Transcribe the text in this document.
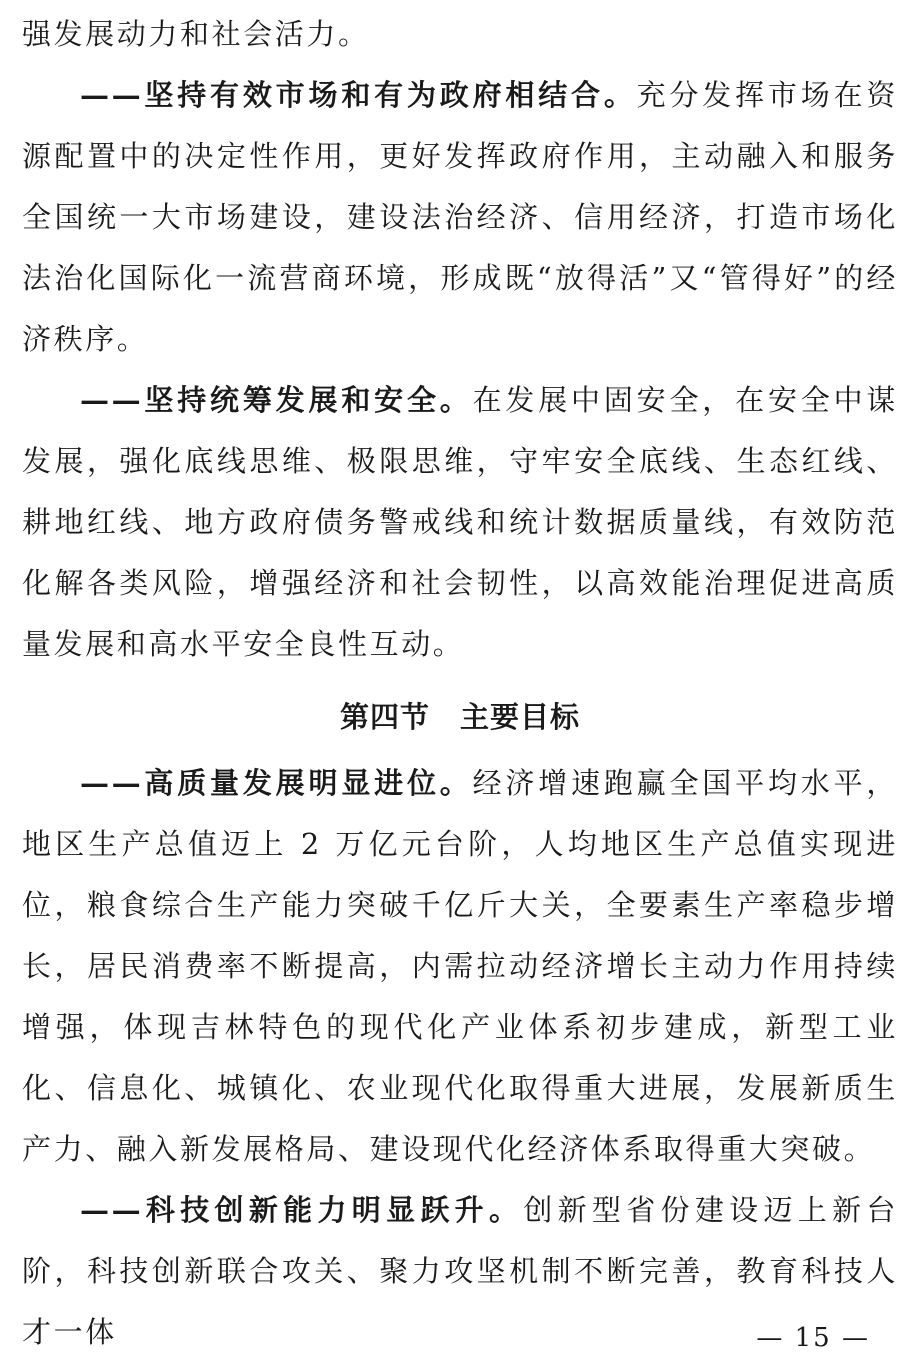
强发展动力和社会活力。

——坚持有效市场和有为政府相结合。充分发挥市场在资源配置中的决定性作用，更好发挥政府作用，主动融入和服务全国统一大市场建设，建设法治经济、信用经济，打造市场化法治化国际化一流营商环境，形成既“放得活”又“管得好”的经济秩序。

——坚持统筹发展和安全。在发展中固安全，在安全中谋发展，强化底线思维、极限思维，守牢安全底线、生态红线、耕地红线、地方政府债务警戒线和统计数据质量线，有效防范化解各类风险，增强经济和社会韧性，以高效能治理促进高质量发展和高水平安全良性互动。

第四节 主要目标

——高质量发展明显进位。经济增速跑赢全国平均水平，地区生产总值迈上 2 万亿元台阶，人均地区生产总值实现进位，粮食综合生产能力突破千亿斤大关，全要素生产率稳步增长，居民消费率不断提高，内需拉动经济增长主动力作用持续增强，体现吉林特色的现代化产业体系初步建成，新型工业化、信息化、城镇化、农业现代化取得重大进展，发展新质生产力、融入新发展格局、建设现代化经济体系取得重大突破。

——科技创新能力明显跃升。创新型省份建设迈上新台阶，科技创新联合攻关、聚力攻坚机制不断完善，教育科技人才一体	— 15 —
